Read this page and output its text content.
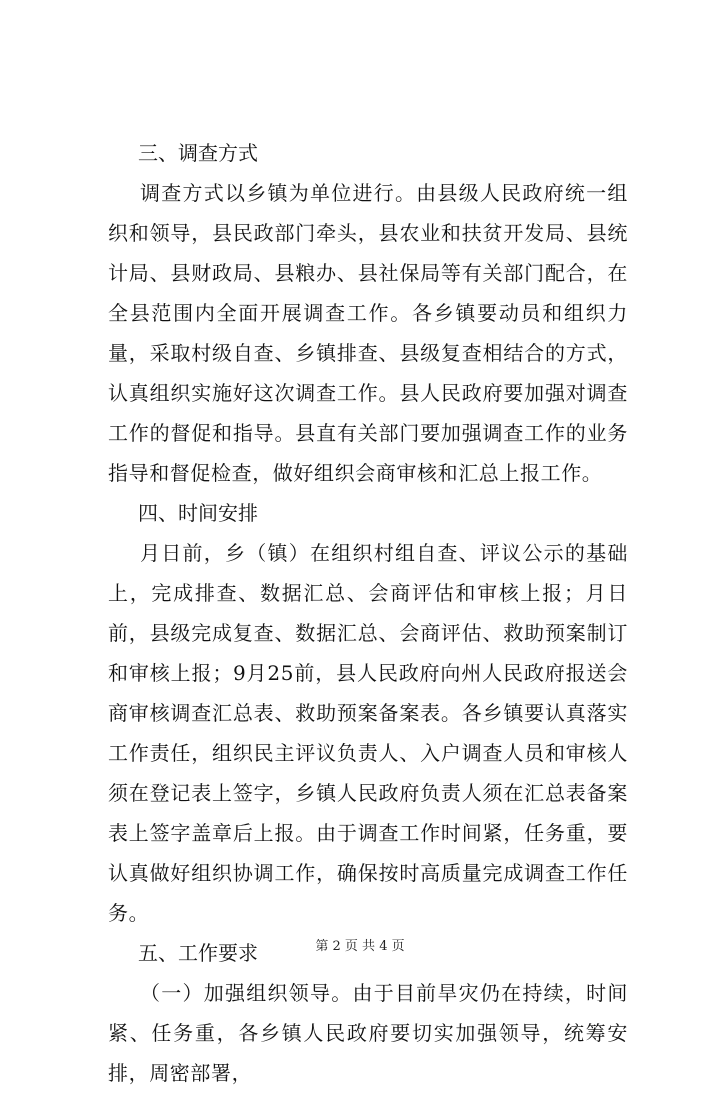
三、调查方式
调查方式以乡镇为单位进行。由县级人民政府统一组织和领导，县民政部门牵头，县农业和扶贫开发局、县统计局、县财政局、县粮办、县社保局等有关部门配合，在全县范围内全面开展调查工作。各乡镇要动员和组织力量，采取村级自查、乡镇排查、县级复查相结合的方式，认真组织实施好这次调查工作。县人民政府要加强对调查工作的督促和指导。县直有关部门要加强调查工作的业务指导和督促检查，做好组织会商审核和汇总上报工作。
四、时间安排
月日前，乡（镇）在组织村组自查、评议公示的基础上，完成排查、数据汇总、会商评估和审核上报；月日前，县级完成复查、数据汇总、会商评估、救助预案制订和审核上报；9月25前，县人民政府向州人民政府报送会商审核调查汇总表、救助预案备案表。各乡镇要认真落实工作责任，组织民主评议负责人、入户调查人员和审核人须在登记表上签字，乡镇人民政府负责人须在汇总表备案表上签字盖章后上报。由于调查工作时间紧，任务重，要认真做好组织协调工作，确保按时高质量完成调查工作任务。
五、工作要求
（一）加强组织领导。由于目前旱灾仍在持续，时间紧、任务重，各乡镇人民政府要切实加强领导，统筹安排，周密部署，
第 2 页 共 4 页
